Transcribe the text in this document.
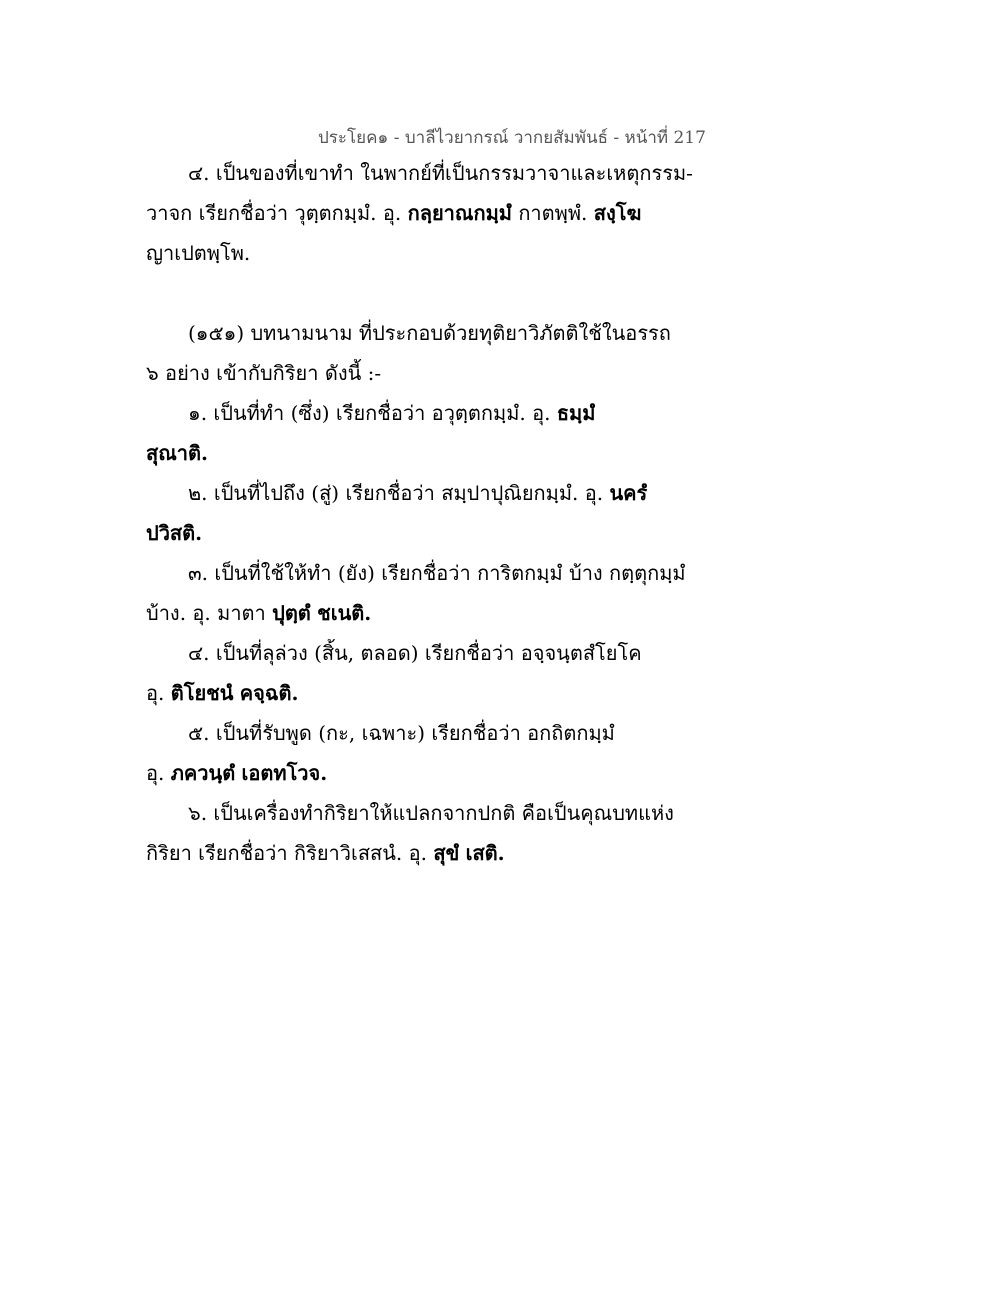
ประโยค๑ - บาลีไวยากรณ์ วากยสัมพันธ์ - หน้าที่ 217
๔. เป็นของที่เขาทำ ในพากย์ที่เป็นกรรมวาจาและเหตุกรรม-
วาจก เรียกชื่อว่า วุตฺตกมฺมํ. อุ. กลฺยาณกมฺมํ กาตพฺพํ. สงฺโฆ
ญาเปตพฺโพ.
(๑๕๑) บทนามนาม ที่ประกอบด้วยทุติยาวิภัตติใช้ในอรรถ
๖ อย่าง เข้ากับกิริยา ดังนี้ :-
๑. เป็นที่ทำ (ซึ่ง) เรียกชื่อว่า อวุตฺตกมฺมํ. อุ. ธมฺมํ
สุณาติ.
๒. เป็นที่ไปถึง (สู่) เรียกชื่อว่า สมฺปาปุณิยกมฺมํ. อุ. นครํ
ปวิสติ.
๓. เป็นที่ใช้ให้ทำ (ยัง) เรียกชื่อว่า การิตกมฺมํ บ้าง กตฺตุกมฺมํ
บ้าง. อุ. มาตา ปุตฺตํ ชเนติ.
๔. เป็นที่ลุล่วง (สิ้น, ตลอด) เรียกชื่อว่า อจฺจนฺตสํโยโค
อุ. ติโยชนํ คจฺฉติ.
๕. เป็นที่รับพูด (กะ, เฉพาะ) เรียกชื่อว่า อกถิตกมฺมํ
อุ. ภควนฺตํ เอตทโวจ.
๖. เป็นเครื่องทำกิริยาให้แปลกจากปกติ คือเป็นคุณบทแห่ง
กิริยา เรียกชื่อว่า กิริยาวิเสสนํ. อุ. สุขํ เสติ.
